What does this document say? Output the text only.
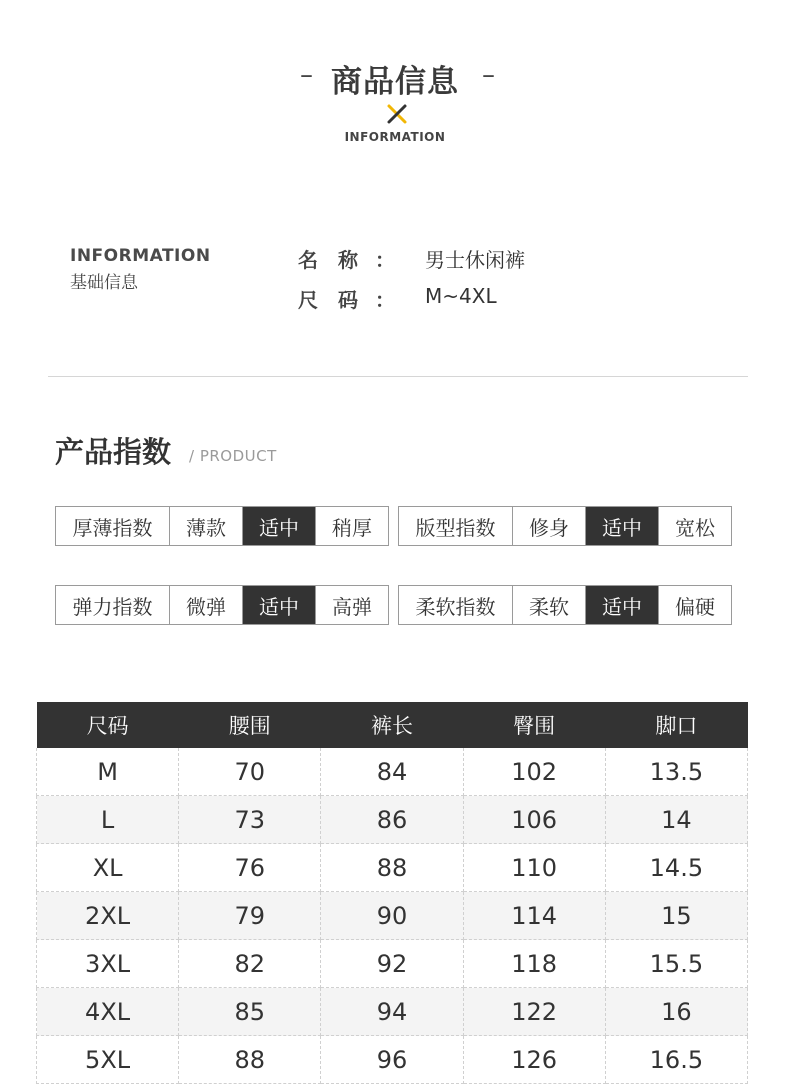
– 商品信息 –
INFORMATION
INFORMATION
基础信息
名称
： 男士休闲裤
尺码
： M~4XL
产品指数 / PRODUCT
厚薄指数	薄款	适中	稍厚	版型指数	修身	适中	宽松
弹力指数	微弹	适中	高弹	柔软指数	柔软	适中	偏硬
尺码	腰围	裤长	臀围	脚口
M	70	84	102	13.5
L	73	86	106	14
XL	76	88	110	14.5
2XL	79	90	114	15
3XL	82	92	118	15.5
4XL	85	94	122	16
5XL	88	96	126	16.5
